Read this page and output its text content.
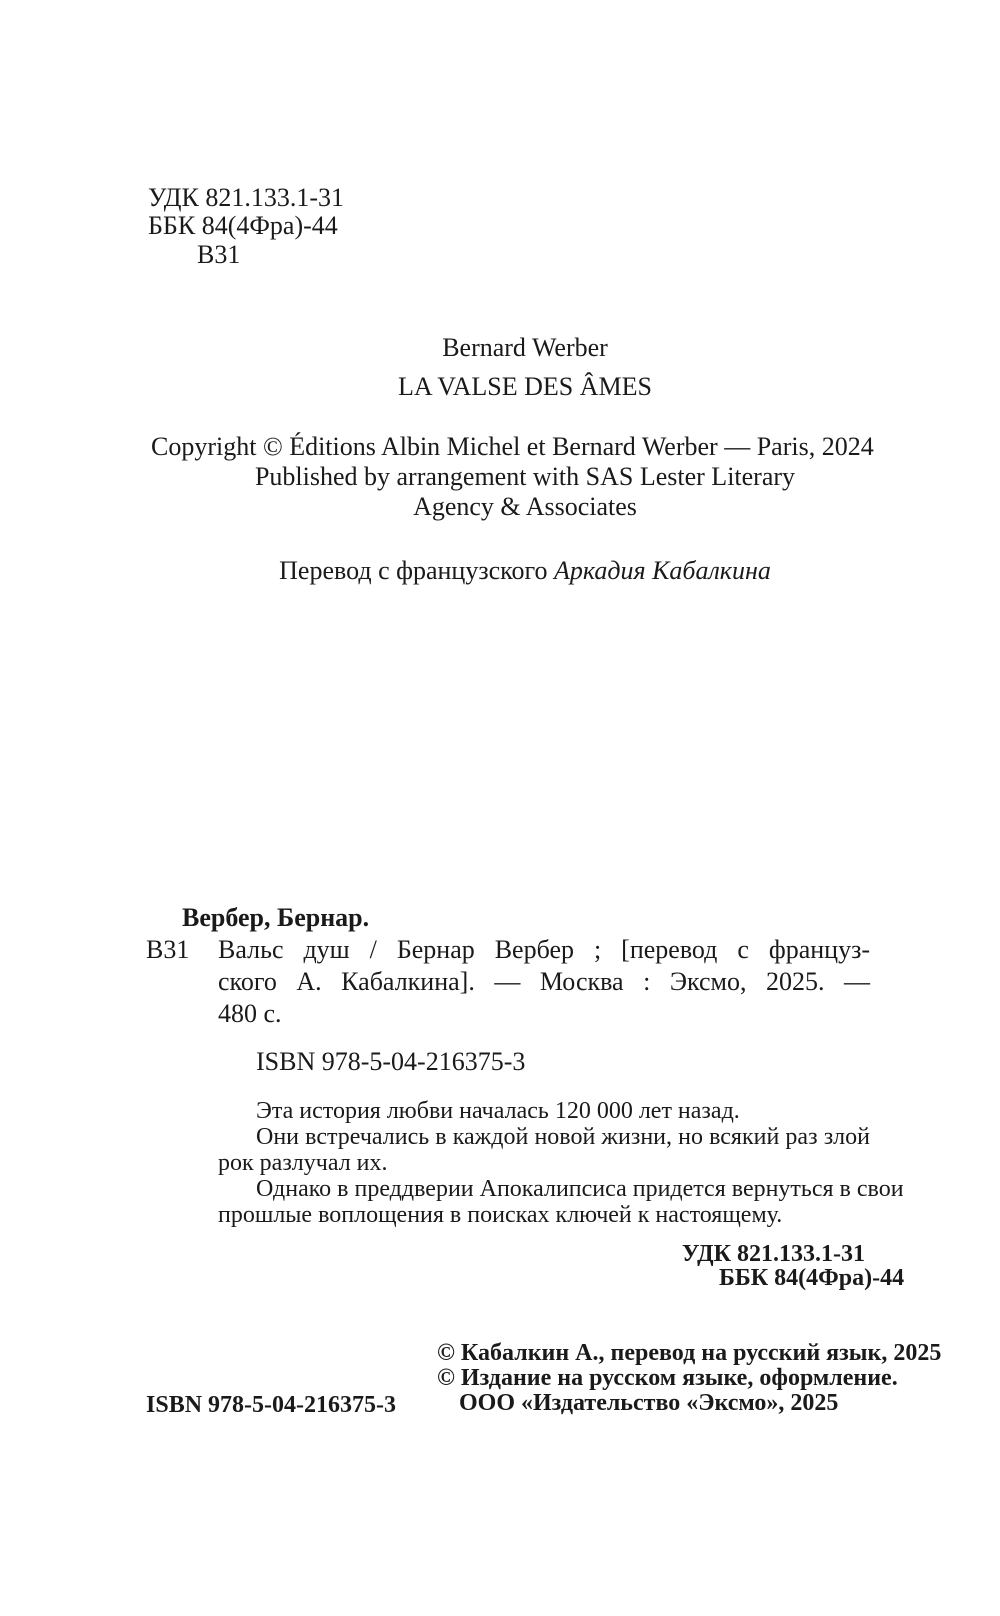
УДК 821.133.1-31
ББК 84(4Фра)-44
В31
Bernard Werber
LA VALSE DES ÂMES
Copyright © Éditions Albin Michel et Bernard Werber — Paris, 2024
Published by arrangement with SAS Lester Literary
Agency & Associates
Перевод с французского Аркадия Кабалкина
Вербер, Бернар.
В31 Вальс душ / Бернар Вербер ; [перевод с француз-
ского А. Кабалкина]. — Москва : Эксмо, 2025. —
480 с.
ISBN 978-5-04-216375-3
Эта история любви началась 120 000 лет назад.
Они встречались в каждой новой жизни, но всякий раз злой
рок разлучал их.
Однако в преддверии Апокалипсиса придется вернуться в свои
прошлые воплощения в поисках ключей к настоящему.
УДК 821.133.1-31
ББК 84(4Фра)-44
© Кабалкин А., перевод на русский язык, 2025
© Издание на русском языке, оформление.
ООО «Издательство «Эксмо», 2025
ISBN 978-5-04-216375-3
